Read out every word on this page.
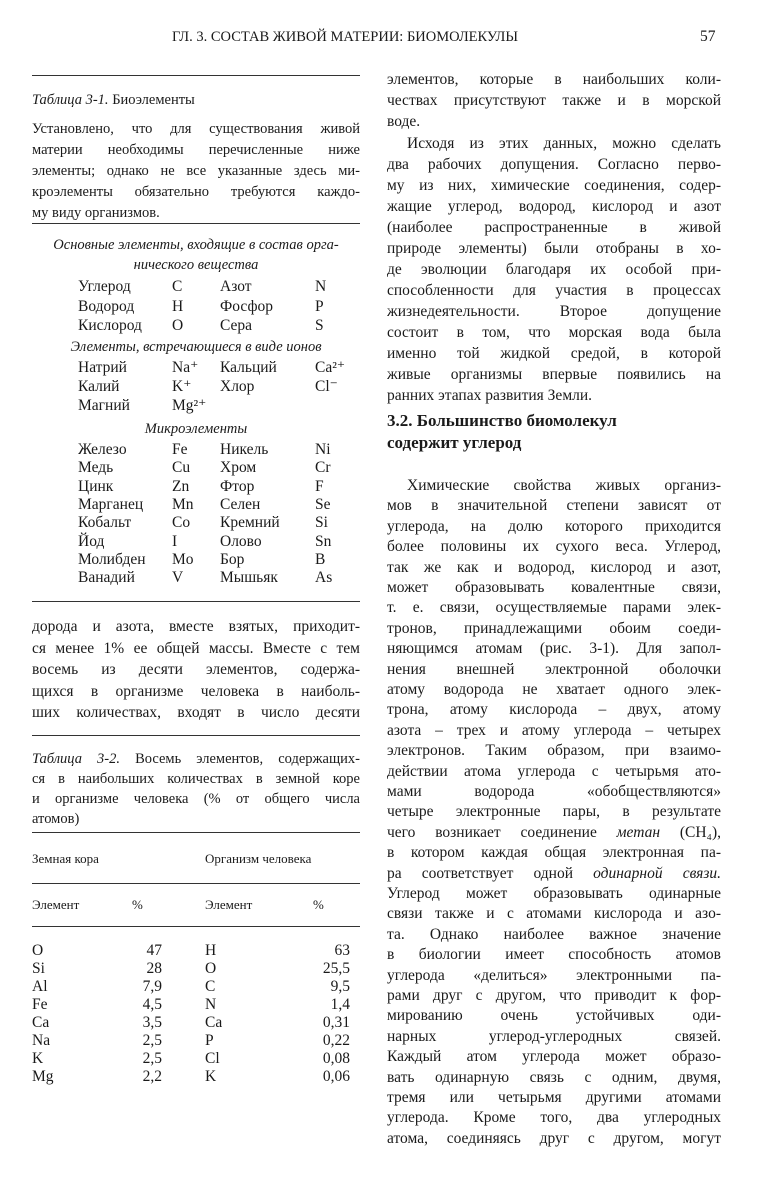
ГЛ. 3. СОСТАВ ЖИВОЙ МАТЕРИИ: БИОМОЛЕКУЛЫ	57
Таблица 3-1. Биоэлементы
Установлено, что для существования живой
материи необходимы перечисленные ниже
элементы; однако не все указанные здесь ми-
кроэлементы обязательно требуются каждо-
му виду организмов.
Основные элементы, входящие в состав орга-
нического вещества
Углерод	C Азот	N
Водород H Фосфор	P
Кислород O Сера	S
Элементы, встречающиеся в виде ионов
Натрий	Na⁺ Кальций Ca²⁺
Калий	K⁺ Хлор	Cl⁻
Магний	Mg²⁺
Микроэлементы
Железо	Fe Никель	Ni
Медь	Cu Хром	Cr
Цинк	Zn Фтор	F
Марганец Mn Селен	Se
Кобальт	Co Кремний Si
Йод	I	Олово	Sn
Молибден Mo Бор	B
Ванадий V Мышьяк As
дорода и азота, вместе взятых, приходит-
ся менее 1% ее общей массы. Вместе с тем
восемь из десяти элементов, содержа-
щихся в организме человека в наиболь-
ших количествах, входят в число десяти
Таблица 3-2. Восемь элементов, содержащих-
ся в наибольших количествах в земной коре
и организме человека (% от общего числа
атомов)
Земная кора	Организм человека
Элемент	%	Элемент	%
O	47	H	63
Si	28	O	25,5
Al	7,9	C	9,5
Fe	4,5	N	1,4
Ca	3,5	Ca	0,31
Na	2,5	P	0,22
K	2,5	Cl	0,08
Mg	2,2	K	0,06
элементов, которые в наибольших коли-
чествах присутствуют также и в морской
воде.
Исходя из этих данных, можно сделать
два рабочих допущения. Согласно перво-
му из них, химические соединения, содер-
жащие углерод, водород, кислород и азот
(наиболее распространенные в живой
природе элементы) были отобраны в хо-
де эволюции благодаря их особой при-
способленности для участия в процессах
жизнедеятельности. Второе допущение
состоит в том, что морская вода была
именно той жидкой средой, в которой
живые организмы впервые появились на
ранних этапах развития Земли.
3.2. Большинство биомолекул
содержит углерод
Химические свойства живых организ-
мов в значительной степени зависят от
углерода, на долю которого приходится
более половины их сухого веса. Углерод,
так же как и водород, кислород и азот,
может образовывать ковалентные связи,
т. е. связи, осуществляемые парами элек-
тронов, принадлежащими обоим соеди-
няющимся атомам (рис. 3-1). Для запол-
нения внешней электронной оболочки
атому водорода не хватает одного элек-
трона, атому кислорода – двух, атому
азота – трех и атому углерода – четырех
электронов. Таким образом, при взаимо-
действии атома углерода с четырьмя ато-
мами водорода «обобществляются»
четыре электронные пары, в результате
чего возникает соединение метан (CH₄),
в котором каждая общая электронная па-
ра соответствует одной одинарной связи.
Углерод может образовывать одинарные
связи также и с атомами кислорода и азо-
та. Однако наиболее важное значение
в биологии имеет способность атомов
углерода «делиться» электронными па-
рами друг с другом, что приводит к фор-
мированию очень устойчивых оди-
нарных углерод-углеродных связей.
Каждый атом углерода может образо-
вать одинарную связь с одним, двумя,
тремя или четырьмя другими атомами
углерода. Кроме того, два углеродных
атома, соединяясь друг с другом, могут
